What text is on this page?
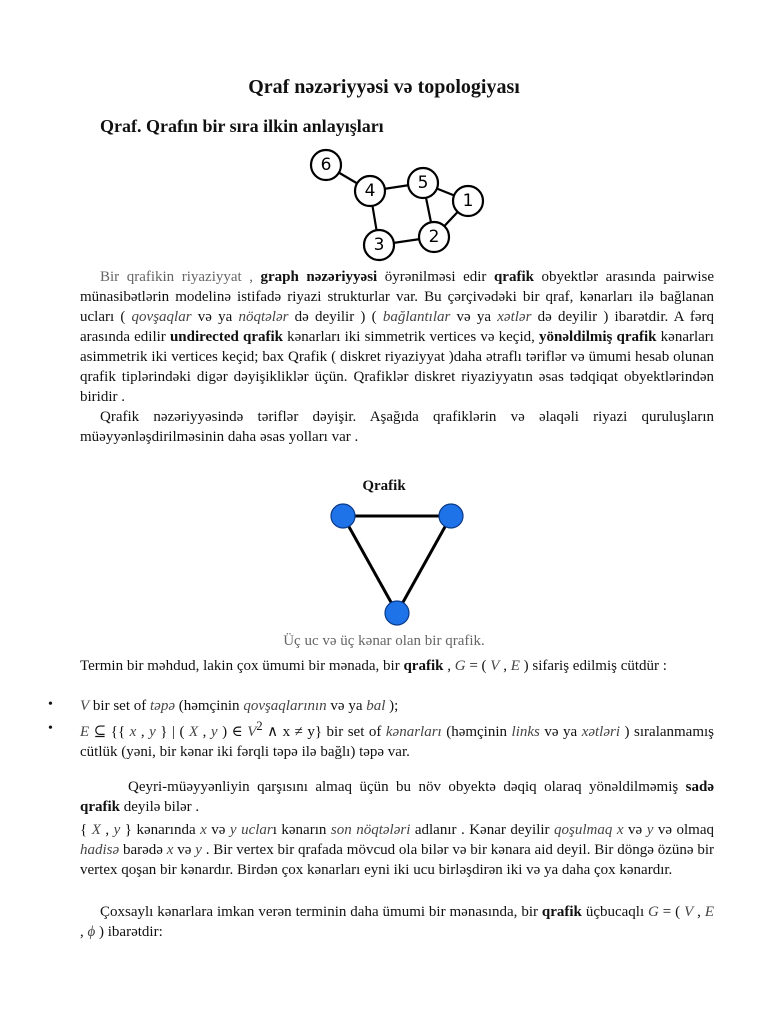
Qraf nəzəriyyəsi və topologiyası
Qraf. Qrafın bir sıra ilkin anlayışları
6
4 5
1
3	2

Bir qrafikin riyaziyyat , graph nəzəriyyəsi öyrənilməsi edir qrafik obyektlər arasında pairwise münasibətlərin modelinə istifadə riyazi strukturlar var. Bu çərçivədəki bir qraf, kənarları ilə bağlanan ucları ( qovşaqlar və ya nöqtələr də deyilir ) ( bağlantılar və ya xətlər də deyilir ) ibarətdir. A fərq arasında edilir undirected qrafik kənarları iki simmetrik vertices və keçid, yönəldilmiş qrafik kənarları asimmetrik iki vertices keçid; bax Qrafik ( diskret riyaziyyat )daha ətraflı təriflər və ümumi hesab olunan qrafik tiplərindəki digər dəyişikliklər üçün. Qrafiklər diskret riyaziyyatın əsas tədqiqat obyektlərindən biridir .

Qrafik nəzəriyyəsində təriflər dəyişir. Aşağıda qrafiklərin və əlaqəli riyazi quruluşların müəyyənləşdirilməsinin daha əsas yolları var .

Qrafik
Üç uc və üç kənar olan bir qrafik.

Termin bir məhdud, lakin çox ümumi bir mənada, bir qrafik , G = ( V , E ) sifariş edilmiş cütdür :

• V bir set of təpə (həmçinin qovşaqlarının və ya bal );

• E ⊆ {{ x , y } | ( X , y ) ∈ $V^2$ ∧ x ≠ y} bir set of kənarları (həmçinin links və ya xətləri ) sıralanmamış cütlük (yəni, bir kənar iki fərqli təpə ilə bağlı) təpə var.

Qeyri-müəyyənliyin qarşısını almaq üçün bu növ obyektə dəqiq olaraq yönəldilməmiş sadə qrafik deyilə bilər .

{ X , y } kənarında x və y ucları kənarın son nöqtələri adlanır . Kənar deyilir qoşulmaq x və y və olmaq hadisə barədə x və y . Bir vertex bir qrafada mövcud ola bilər və bir kənara aid deyil. Bir döngə özünə bir vertex qoşan bir kənardır. Birdən çox kənarları eyni iki ucu birləşdirən iki və ya daha çox kənardır.

Çoxsaylı kənarlara imkan verən terminin daha ümumi bir mənasında, bir qrafik üçbucaqlı G = ( V , E , ϕ ) ibarətdir:
